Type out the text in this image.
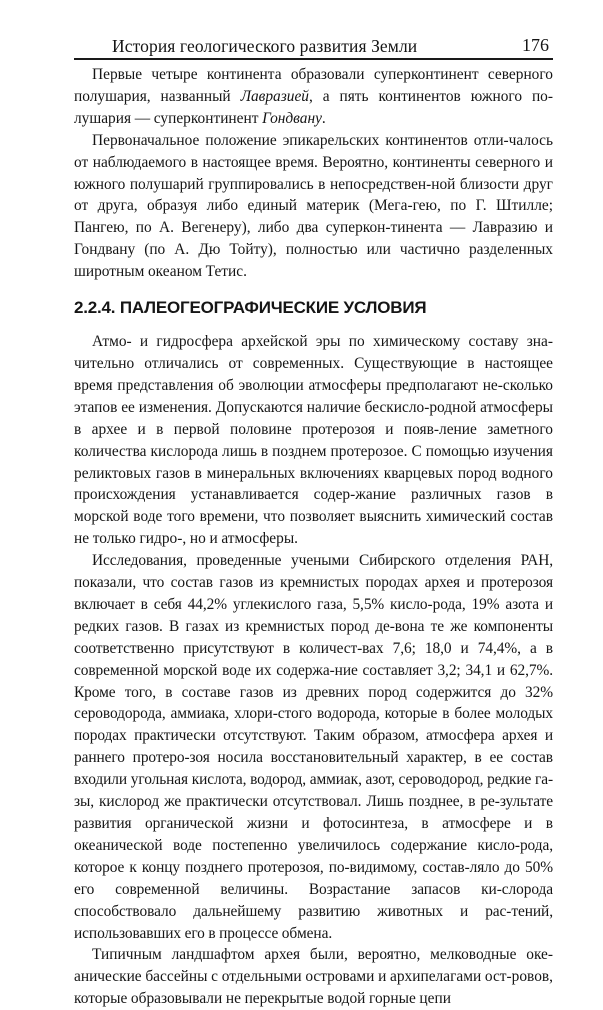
История геологического развития Земли	176

Первые четыре континента образовали суперконтинент северного полушария, названный Лавразией, а пять континентов южного по-лушария — суперконтинент Гондвану.

Первоначальное положение эпикарельских континентов отли-чалось от наблюдаемого в настоящее время. Вероятно, континенты северного и южного полушарий группировались в непосредствен-ной близости друг от друга, образуя либо единый материк (Мега-гею, по Г. Штилле; Пангею, по А. Вегенеру), либо два суперкон-тинента — Лавразию и Гондвану (по А. Дю Тойту), полностью или частично разделенных широтным океаном Тетис.

2.2.4. ПАЛЕОГЕОГРАФИЧЕСКИЕ УСЛОВИЯ

Атмо- и гидросфера архейской эры по химическому составу зна-чительно отличались от современных. Существующие в настоящее время представления об эволюции атмосферы предполагают не-сколько этапов ее изменения. Допускаются наличие бескисло-родной атмосферы в архее и в первой половине протерозоя и появ-ление заметного количества кислорода лишь в позднем протерозое. С помощью изучения реликтовых газов в минеральных включениях кварцевых пород водного происхождения устанавливается содер-жание различных газов в морской воде того времени, что позволяет выяснить химический состав не только гидро-, но и атмосферы.

Исследования, проведенные учеными Сибирского отделения РАН, показали, что состав газов из кремнистых породах архея и протерозоя включает в себя 44,2% углекислого газа, 5,5% кисло-рода, 19% азота и редких газов. В газах из кремнистых пород де-вона те же компоненты соответственно присутствуют в количест-вах 7,6; 18,0 и 74,4%, а в современной морской воде их содержа-ние составляет 3,2; 34,1 и 62,7%. Кроме того, в составе газов из древних пород содержится до 32% сероводорода, аммиака, хлори-стого водорода, которые в более молодых породах практически отсутствуют. Таким образом, атмосфера архея и раннего протеро-зоя носила восстановительный характер, в ее состав входили угольная кислота, водород, аммиак, азот, сероводород, редкие га-зы, кислород же практически отсутствовал. Лишь позднее, в ре-зультате развития органической жизни и фотосинтеза, в атмосфере и в океанической воде постепенно увеличилось содержание кисло-рода, которое к концу позднего протерозоя, по-видимому, состав-ляло до 50% его современной величины. Возрастание запасов ки-слорода способствовало дальнейшему развитию животных и рас-тений, использовавших его в процессе обмена.

Типичным ландшафтом архея были, вероятно, мелководные оке-анические бассейны с отдельными островами и архипелагами ост-ровов, которые образовывали не перекрытые водой горные цепи
